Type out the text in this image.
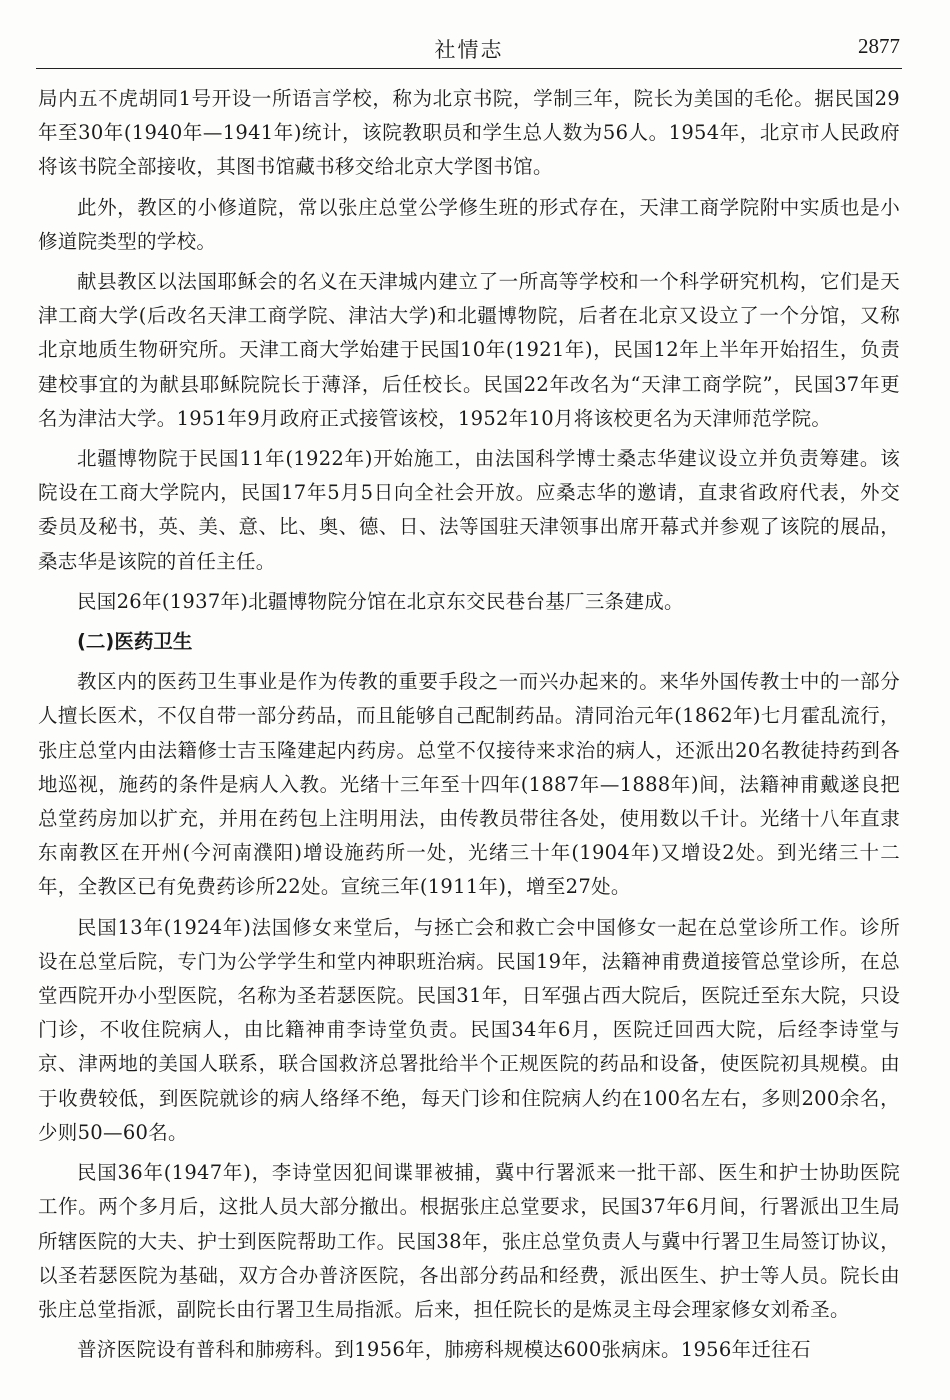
社情志	2877

局内五不虎胡同1号开设一所语言学校，称为北京书院，学制三年，院长为美国的毛伦。据民国29年至30年(1940年—1941年)统计，该院教职员和学生总人数为56人。1954年，北京市人民政府将该书院全部接收，其图书馆藏书移交给北京大学图书馆。

此外，教区的小修道院，常以张庄总堂公学修生班的形式存在，天津工商学院附中实质也是小修道院类型的学校。

献县教区以法国耶稣会的名义在天津城内建立了一所高等学校和一个科学研究机构，它们是天津工商大学(后改名天津工商学院、津沽大学)和北疆博物院，后者在北京又设立了一个分馆，又称北京地质生物研究所。天津工商大学始建于民国10年(1921年)，民国12年上半年开始招生，负责建校事宜的为献县耶稣院院长于薄泽，后任校长。民国22年改名为“天津工商学院”，民国37年更名为津沽大学。1951年9月政府正式接管该校，1952年10月将该校更名为天津师范学院。

北疆博物院于民国11年(1922年)开始施工，由法国科学博士桑志华建议设立并负责筹建。该院设在工商大学院内，民国17年5月5日向全社会开放。应桑志华的邀请，直隶省政府代表，外交委员及秘书，英、美、意、比、奥、德、日、法等国驻天津领事出席开幕式并参观了该院的展品，桑志华是该院的首任主任。

民国26年(1937年)北疆博物院分馆在北京东交民巷台基厂三条建成。

(二)医药卫生

教区内的医药卫生事业是作为传教的重要手段之一而兴办起来的。来华外国传教士中的一部分人擅长医术，不仅自带一部分药品，而且能够自己配制药品。清同治元年(1862年)七月霍乱流行，张庄总堂内由法籍修士吉玉隆建起内药房。总堂不仅接待来求治的病人，还派出20名教徒持药到各地巡视，施药的条件是病人入教。光绪十三年至十四年(1887年—1888年)间，法籍神甫戴遂良把总堂药房加以扩充，并用在药包上注明用法，由传教员带往各处，使用数以千计。光绪十八年直隶东南教区在开州(今河南濮阳)增设施药所一处，光绪三十年(1904年)又增设2处。到光绪三十二年，全教区已有免费药诊所22处。宣统三年(1911年)，增至27处。

民国13年(1924年)法国修女来堂后，与拯亡会和救亡会中国修女一起在总堂诊所工作。诊所设在总堂后院，专门为公学学生和堂内神职班治病。民国19年，法籍神甫费道接管总堂诊所，在总堂西院开办小型医院，名称为圣若瑟医院。民国31年，日军强占西大院后，医院迁至东大院，只设门诊，不收住院病人，由比籍神甫李诗堂负责。民国34年6月，医院迁回西大院，后经李诗堂与京、津两地的美国人联系，联合国救济总署批给半个正规医院的药品和设备，使医院初具规模。由于收费较低，到医院就诊的病人络绎不绝，每天门诊和住院病人约在100名左右，多则200余名，少则50—60名。

民国36年(1947年)，李诗堂因犯间谍罪被捕，冀中行署派来一批干部、医生和护士协助医院工作。两个多月后，这批人员大部分撤出。根据张庄总堂要求，民国37年6月间，行署派出卫生局所辖医院的大夫、护士到医院帮助工作。民国38年，张庄总堂负责人与冀中行署卫生局签订协议，以圣若瑟医院为基础，双方合办普济医院，各出部分药品和经费，派出医生、护士等人员。院长由张庄总堂指派，副院长由行署卫生局指派。后来，担任院长的是炼灵主母会理家修女刘希圣。

普济医院设有普科和肺痨科。到1956年，肺痨科规模达600张病床。1956年迁往石
